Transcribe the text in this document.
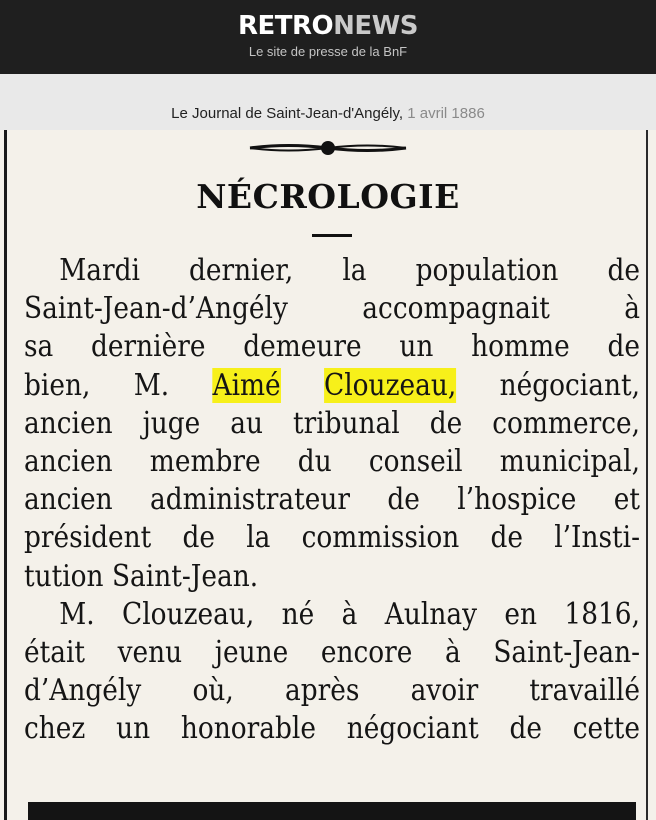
RETRONEWS
Le site de presse de la BnF
Le Journal de Saint-Jean-d'Angély, 1 avril 1886
NÉCROLOGIE
Mardi dernier, la population de
Saint-Jean-d’Angély accompagnait à
sa dernière demeure un homme de
bien, M. Aimé Clouzeau, négociant,
ancien juge au tribunal de commerce,
ancien membre du conseil municipal,
ancien administrateur de l’hospice et
président de la commission de l’Insti-
tution Saint-Jean.
M. Clouzeau, né à Aulnay en 1816,
était venu jeune encore à Saint-Jean-
d’Angély où, après avoir travaillé
chez un honorable négociant de cette
